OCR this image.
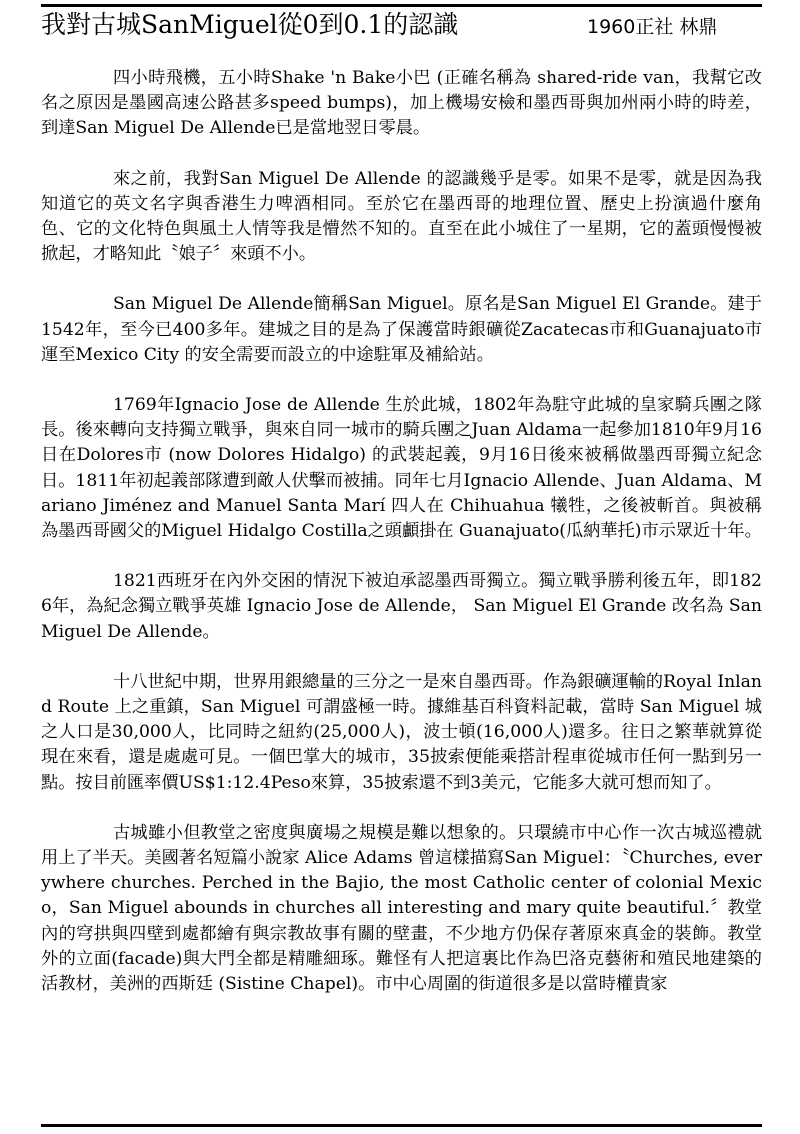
我對古城SanMiguel從0到0.1的認識	1960正社 林鼎

四小時飛機，五小時Shake 'n Bake小巴 (正確名稱為 shared-ride van，我幫它改名之原因是墨國高速公路甚多speed bumps)，加上機場安檢和墨西哥與加州兩小時的時差，到達San Miguel De Allende已是當地翌日零晨。

來之前，我對San Miguel De Allende 的認識幾乎是零。如果不是零，就是因為我知道它的英文名字與香港生力啤酒相同。至於它在墨西哥的地理位置、歷史上扮演過什麼角色、它的文化特色與風土人情等我是懵然不知的。直至在此小城住了一星期，它的蓋頭慢慢被掀起，才略知此〝娘子〞來頭不小。

San Miguel De Allende簡稱San Miguel。原名是San Miguel El Grande。建于1542年，至今已400多年。建城之目的是為了保護當時銀礦從Zacatecas市和Guanajuato市運至Mexico City 的安全需要而設立的中途駐軍及補給站。

1769年Ignacio Jose de Allende 生於此城，1802年為駐守此城的皇家騎兵團之隊長。後來轉向支持獨立戰爭，與來自同一城市的騎兵團之Juan Aldama一起參加1810年9月16日在Dolores市 (now Dolores Hidalgo) 的武裝起義，9月16日後來被稱做墨西哥獨立紀念日。1811年初起義部隊遭到敵人伏擊而被捕。同年七月Ignacio Allende、Juan Aldama、Mariano Jiménez and Manuel Santa Marí 四人在 Chihuahua 犧牲，之後被斬首。與被稱為墨西哥國父的Miguel Hidalgo Costilla之頭顱掛在 Guanajuato(瓜納華托)市示眾近十年。

1821西班牙在內外交困的情況下被迫承認墨西哥獨立。獨立戰爭勝利後五年，即1826年，為紀念獨立戰爭英雄 Ignacio Jose de Allende， San Miguel El Grande 改名為 San Miguel De Allende。

十八世紀中期，世界用銀總量的三分之一是來自墨西哥。作為銀礦運輸的Royal Inland Route 上之重鎮，San Miguel 可謂盛極一時。據維基百科資料記載，當時 San Miguel 城之人口是30,000人，比同時之紐約(25,000人)，波士頓(16,000人)還多。往日之繁華就算從現在來看，還是處處可見。一個巴掌大的城市，35披索便能乘搭計程車從城市任何一點到另一點。按目前匯率價US$1:12.4Peso來算，35披索還不到3美元，它能多大就可想而知了。

古城雖小但教堂之密度與廣場之規模是難以想象的。只環繞市中心作一次古城巡禮就用上了半天。美國著名短篇小說家 Alice Adams 曾這樣描寫San Miguel：〝Churches, everywhere churches. Perched in the Bajio, the most Catholic center of colonial Mexico，San Miguel abounds in churches all interesting and mary quite beautiful.〞教堂內的穹拱與四壁到處都繪有與宗教故事有關的壁畫，不少地方仍保存著原來真金的裝飾。教堂外的立面(facade)與大門全都是精雕細琢。難怪有人把這裏比作為巴洛克藝術和殖民地建築的活教材，美洲的西斯廷 (Sistine Chapel)。市中心周圍的街道很多是以當時權貴家
